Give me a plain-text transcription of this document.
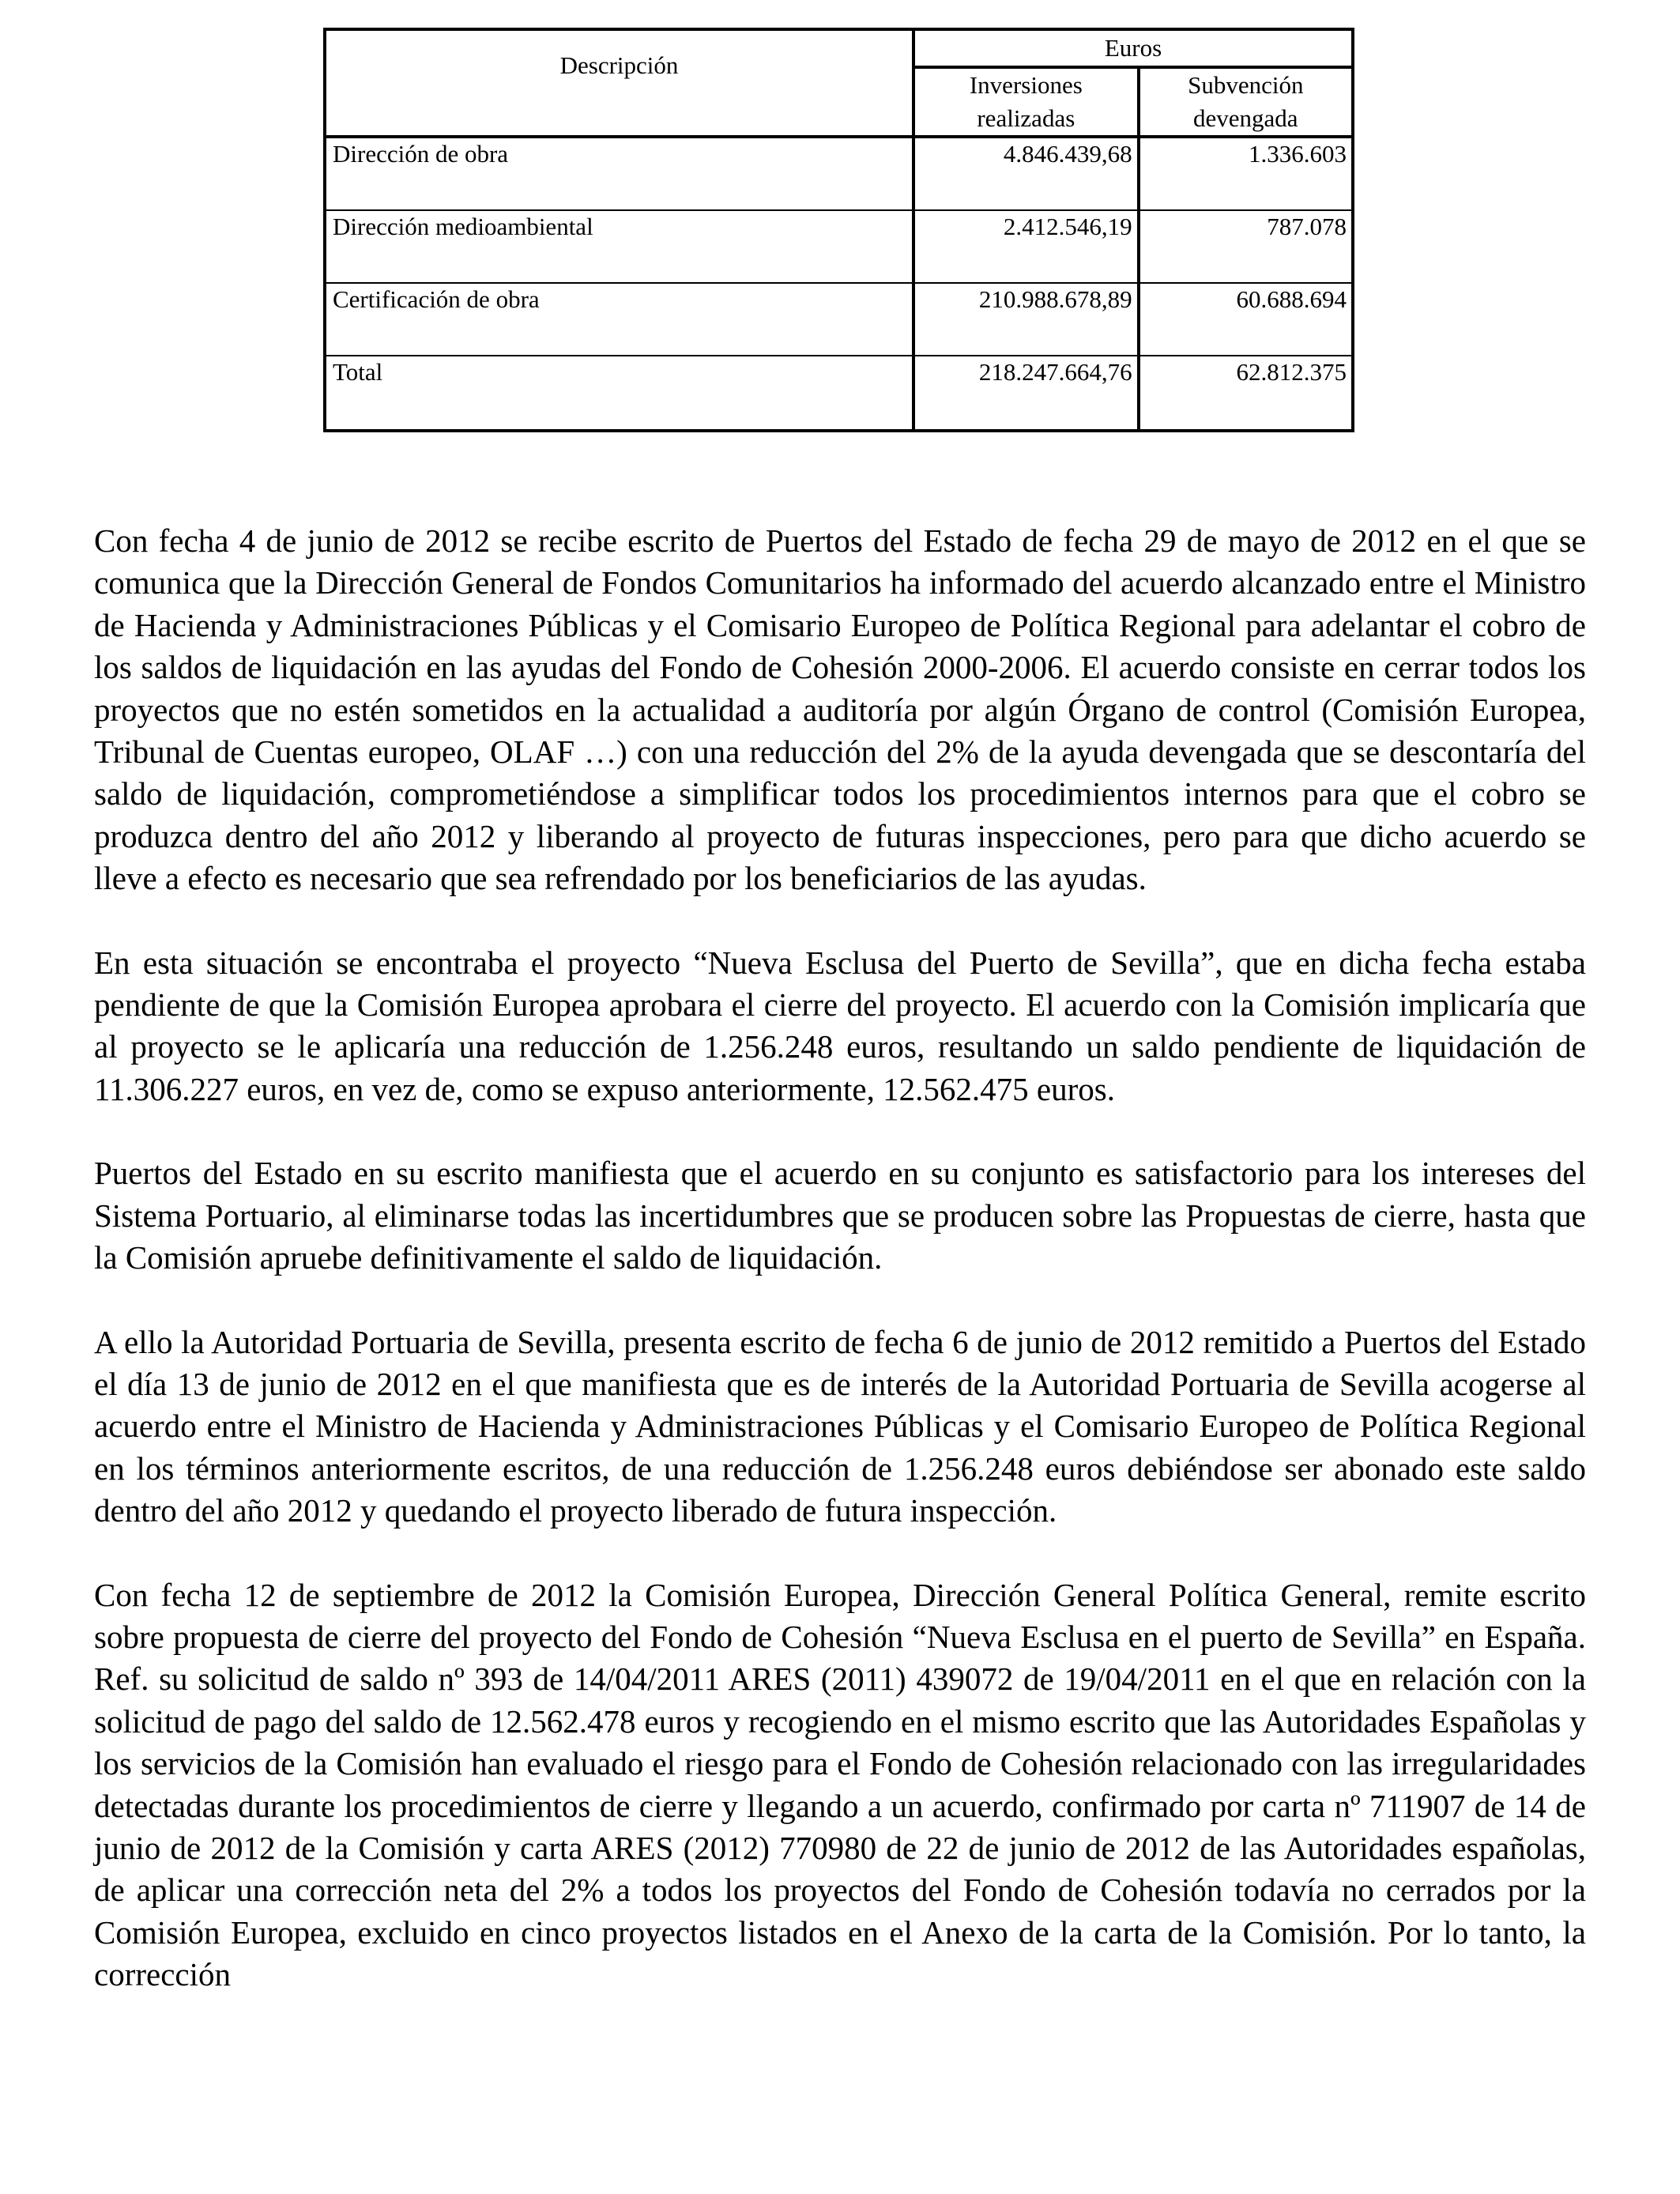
Descripción	Euros	
	Inversiones realizadas	Subvención devengada
Dirección de obra	4.846.439,68	1.336.603
Dirección medioambiental	2.412.546,19	787.078
Certificación de obra	210.988.678,89	60.688.694
Total	218.247.664,76	62.812.375

Con fecha 4 de junio de 2012 se recibe escrito de Puertos del Estado de fecha 29 de mayo de 2012 en el que se comunica que la Dirección General de Fondos Comunitarios ha informado del acuerdo alcanzado entre el Ministro de Hacienda y Administraciones Públicas y el Comisario Europeo de Política Regional para adelantar el cobro de los saldos de liquidación en las ayudas del Fondo de Cohesión 2000-2006. El acuerdo consiste en cerrar todos los proyectos que no estén sometidos en la actualidad a auditoría por algún Órgano de control (Comisión Europea, Tribunal de Cuentas europeo, OLAF …) con una reducción del 2% de la ayuda devengada que se descontaría del saldo de liquidación, comprometiéndose a simplificar todos los procedimientos internos para que el cobro se produzca dentro del año 2012 y liberando al proyecto de futuras inspecciones, pero para que dicho acuerdo se lleve a efecto es necesario que sea refrendado por los beneficiarios de las ayudas.

En esta situación se encontraba el proyecto “Nueva Esclusa del Puerto de Sevilla”, que en dicha fecha estaba pendiente de que la Comisión Europea aprobara el cierre del proyecto. El acuerdo con la Comisión implicaría que al proyecto se le aplicaría una reducción de 1.256.248 euros, resultando un saldo pendiente de liquidación de 11.306.227 euros, en vez de, como se expuso anteriormente, 12.562.475 euros.

Puertos del Estado en su escrito manifiesta que el acuerdo en su conjunto es satisfactorio para los intereses del Sistema Portuario, al eliminarse todas las incertidumbres que se producen sobre las Propuestas de cierre, hasta que la Comisión apruebe definitivamente el saldo de liquidación.

A ello la Autoridad Portuaria de Sevilla, presenta escrito de fecha 6 de junio de 2012 remitido a Puertos del Estado el día 13 de junio de 2012 en el que manifiesta que es de interés de la Autoridad Portuaria de Sevilla acogerse al acuerdo entre el Ministro de Hacienda y Administraciones Públicas y el Comisario Europeo de Política Regional en los términos anteriormente escritos, de una reducción de 1.256.248 euros debiéndose ser abonado este saldo dentro del año 2012 y quedando el proyecto liberado de futura inspección.

Con fecha 12 de septiembre de 2012 la Comisión Europea, Dirección General Política General, remite escrito sobre propuesta de cierre del proyecto del Fondo de Cohesión “Nueva Esclusa en el puerto de Sevilla” en España. Ref. su solicitud de saldo nº 393 de 14/04/2011 ARES (2011) 439072 de 19/04/2011 en el que en relación con la solicitud de pago del saldo de 12.562.478 euros y recogiendo en el mismo escrito que las Autoridades Españolas y los servicios de la Comisión han evaluado el riesgo para el Fondo de Cohesión relacionado con las irregularidades detectadas durante los procedimientos de cierre y llegando a un acuerdo, confirmado por carta nº 711907 de 14 de junio de 2012 de la Comisión y carta ARES (2012) 770980 de 22 de junio de 2012 de las Autoridades españolas, de aplicar una corrección neta del 2% a todos los proyectos del Fondo de Cohesión todavía no cerrados por la Comisión Europea, excluido en cinco proyectos listados en el Anexo de la carta de la Comisión. Por lo tanto, la corrección
